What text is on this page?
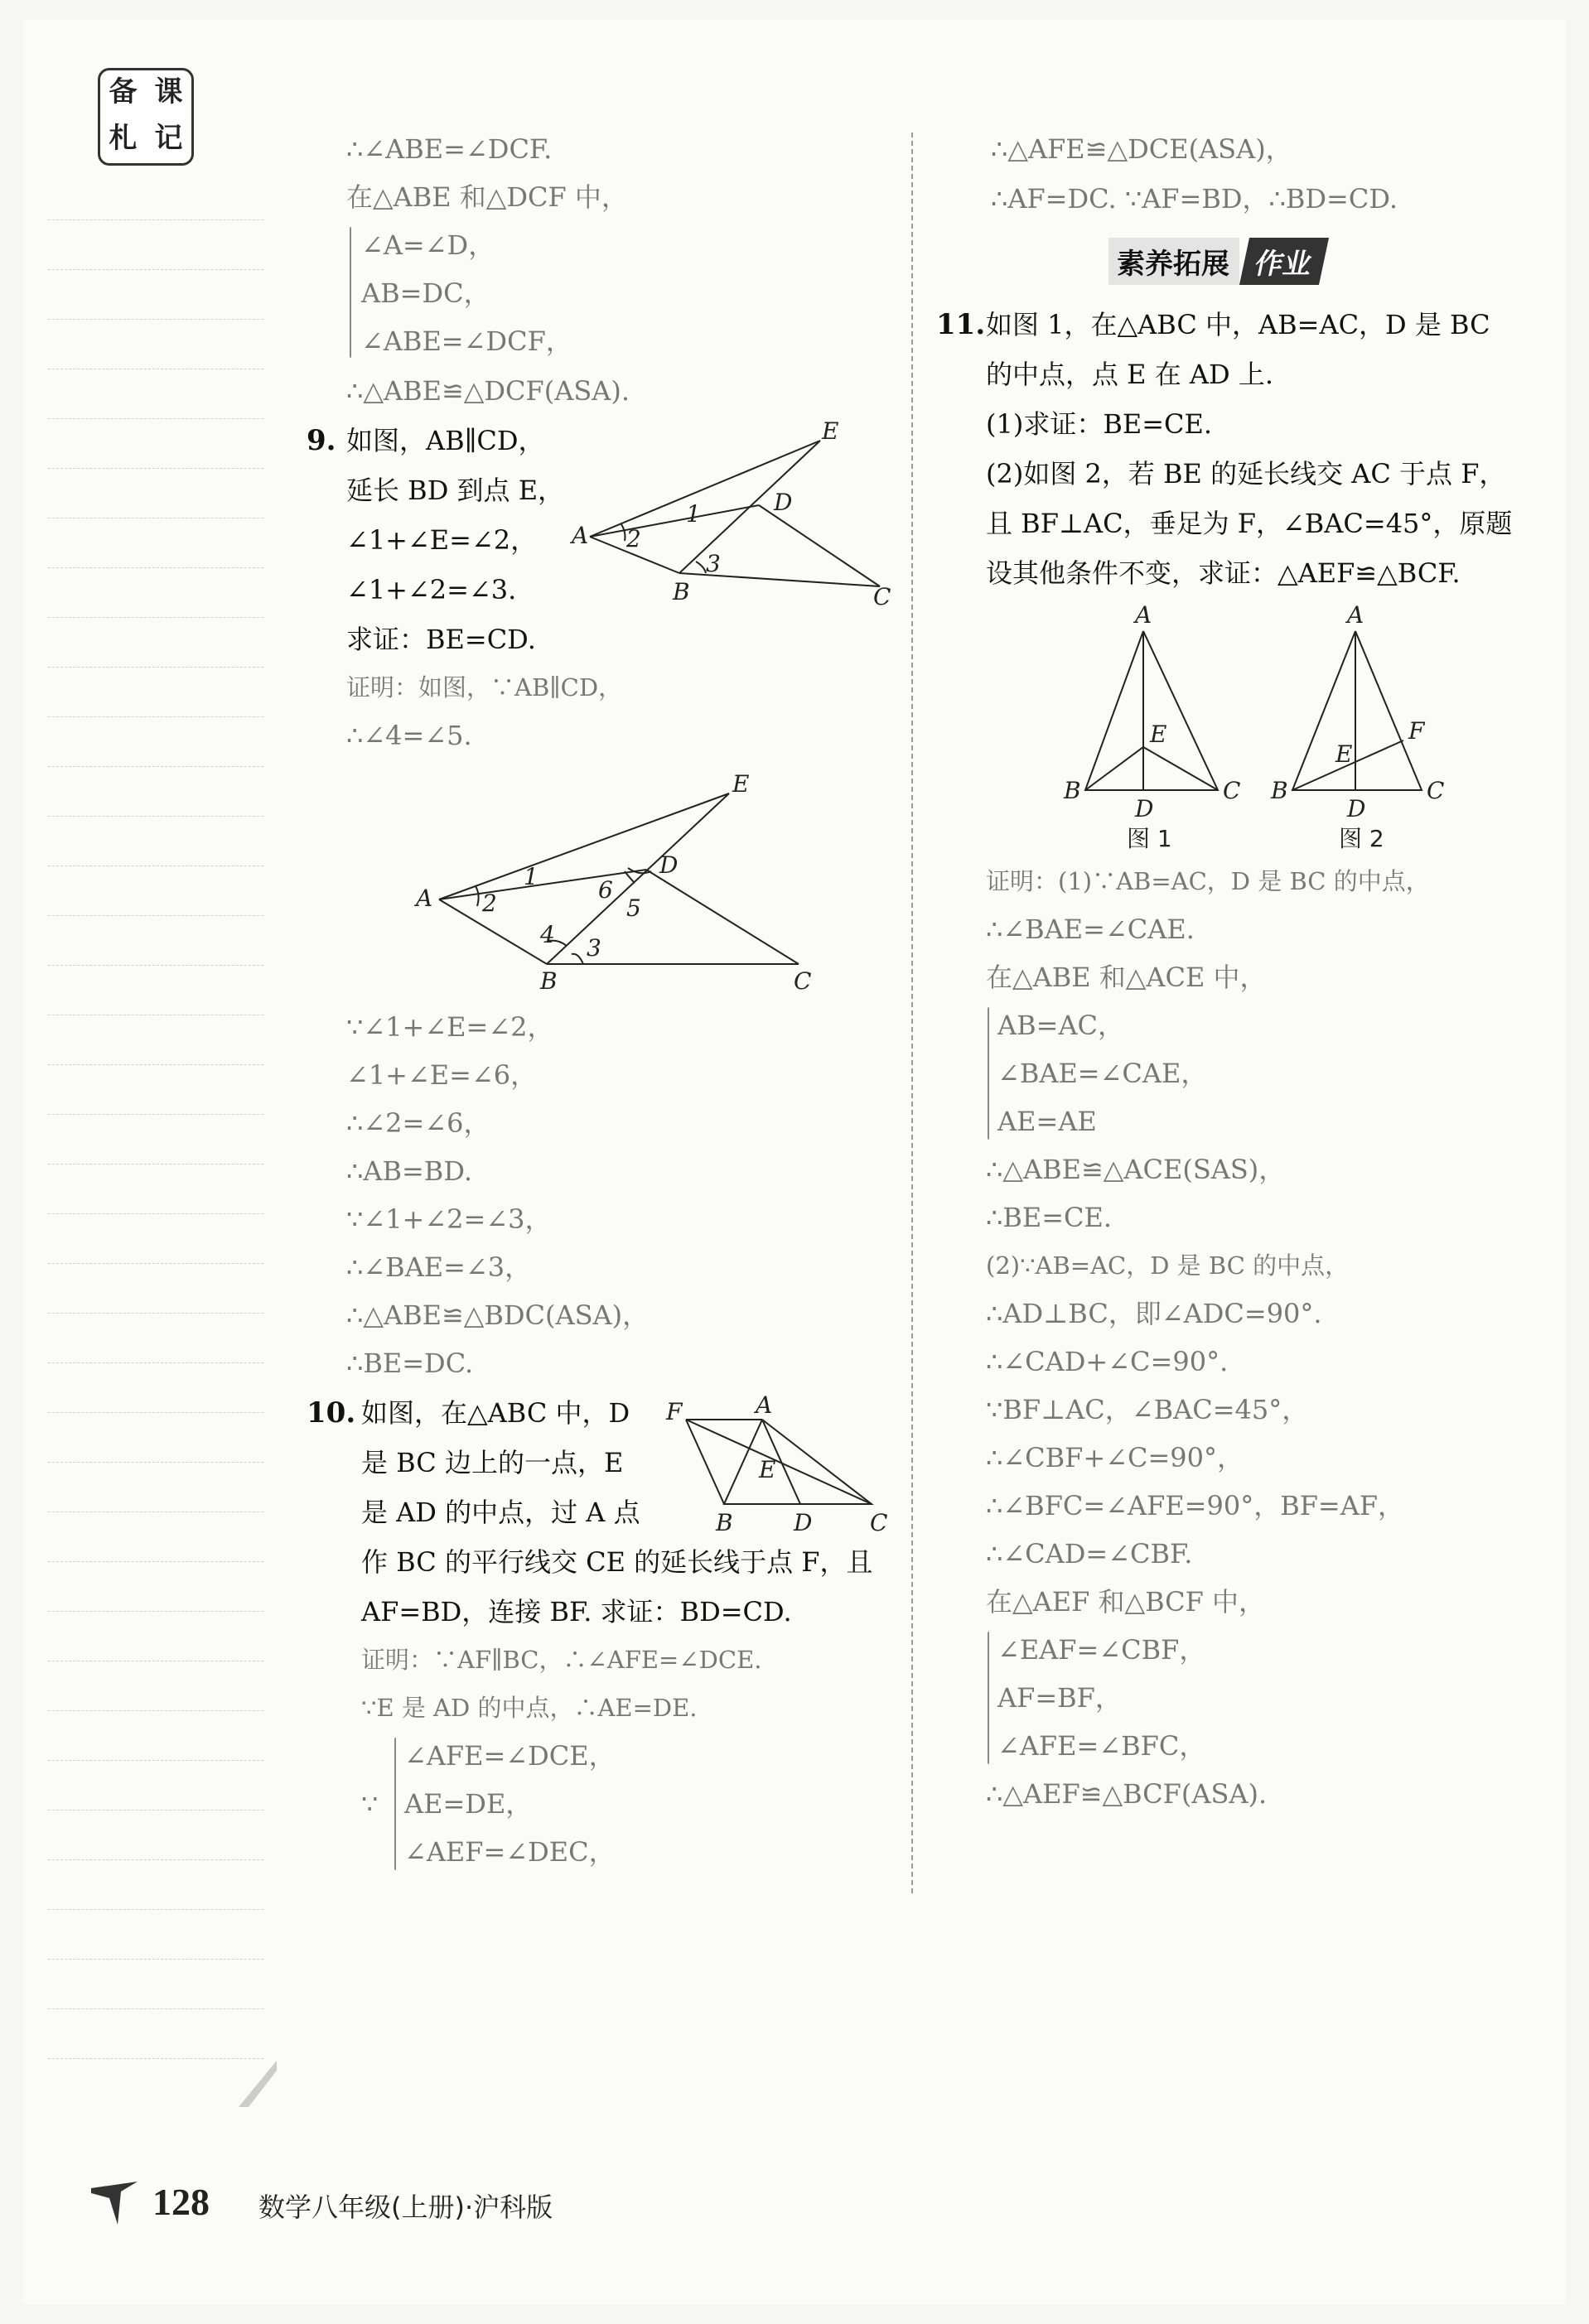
备 课
札 记	∴∠ABE=∠DCF.
在△ABE 和△DCF 中，
∠A=∠D，
AB=DC，
∠ABE=∠DCF，
∴△ABE≌△DCF(ASA).
9. 如图，AB∥CD，
延长 BD 到点 E，
∠1+∠E=∠2，
∠1+∠2=∠3.
求证：BE=CD.
E
D
A
1
2
3
B	C
证明：如图，∵AB∥CD，
∴∠4=∠5.
E
D
A
1
2	6
5
4 3
B	C
∵∠1+∠E=∠2，
∠1+∠E=∠6，
∴∠2=∠6，
∴AB=BD.
∵∠1+∠2=∠3，
∴∠BAE=∠3，
∴△ABE≌△BDC(ASA)，
∴BE=DC.
10. 如图，在△ABC 中，D
是 BC 边上的一点，E
是 AD 的中点，过 A 点
作 BC 的平行线交 CE 的延长线于点 F，且
AF=BD，连接 BF. 求证：BD=CD.
F	A
E
B	D C
证明：∵AF∥BC，∴∠AFE=∠DCE.
∵E 是 AD 的中点，∴AE=DE.
∠AFE=∠DCE，
∵ AE=DE，
∠AEF=∠DEC，
∴△AFE≌△DCE(ASA)，
∴AF=DC. ∵AF=BD，∴BD=CD.
素养拓展 作业
11. 如图 1，在△ABC 中，AB=AC，D 是 BC
的中点，点 E 在 AD 上.
(1)求证：BE=CE.
(2)如图 2，若 BE 的延长线交 AC 于点 F，
且 BF⊥AC，垂足为 F，∠BAC=45°，原题
设其他条件不变，求证：△AEF≌△BCF.
A
E
B
D
C
图 1
A
E
F
B
D
C
图 2
证明：(1)∵AB=AC，D 是 BC 的中点，
∴∠BAE=∠CAE.
在△ABE 和△ACE 中，
AB=AC，
∠BAE=∠CAE，
AE=AE
∴△ABE≌△ACE(SAS)，
∴BE=CE.
(2)∵AB=AC，D 是 BC 的中点，
∴AD⊥BC，即∠ADC=90°.
∴∠CAD+∠C=90°.
∵BF⊥AC，∠BAC=45°，
∴∠CBF+∠C=90°，
∴∠BFC=∠AFE=90°，BF=AF，
∴∠CAD=∠CBF.
在△AEF 和△BCF 中，
∠EAF=∠CBF，
AF=BF，
∠AFE=∠BFC，
∴△AEF≌△BCF(ASA).
128 数学八年级(上册)·沪科版
